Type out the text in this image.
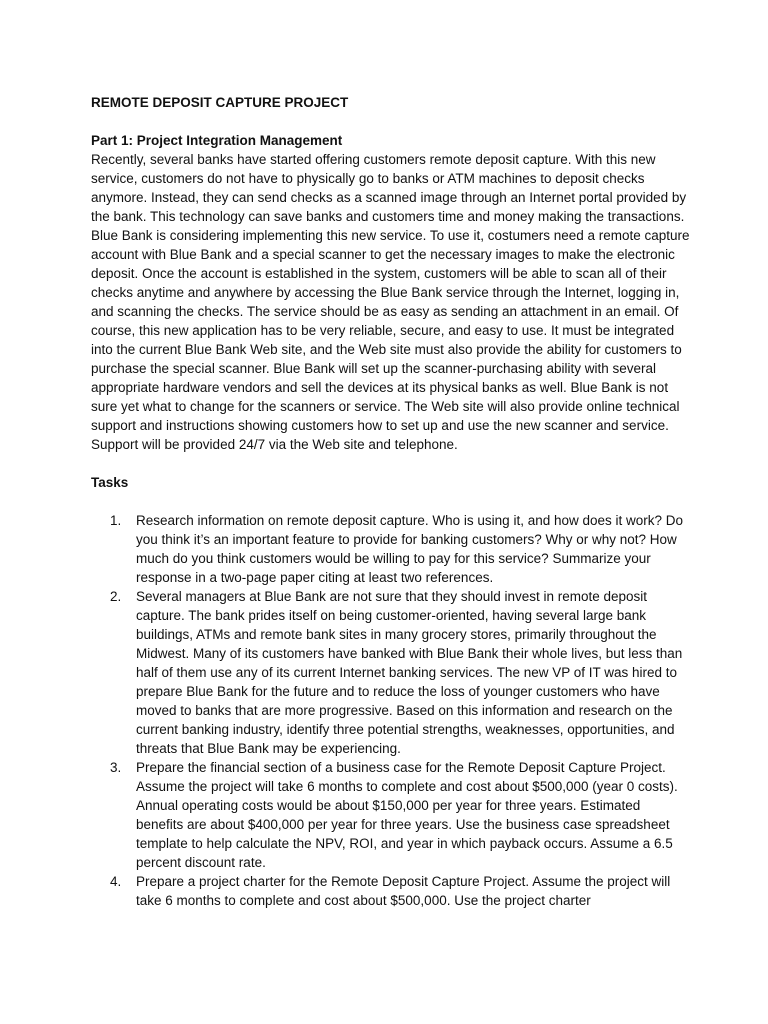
REMOTE DEPOSIT CAPTURE PROJECT
Part 1: Project Integration Management

Recently, several banks have started offering customers remote deposit capture. With this new service, customers do not have to physically go to banks or ATM machines to deposit checks anymore. Instead, they can send checks as a scanned image through an Internet portal provided by the bank. This technology can save banks and customers time and money making the transactions. Blue Bank is considering implementing this new service. To use it, costumers need a remote capture account with Blue Bank and a special scanner to get the necessary images to make the electronic deposit. Once the account is established in the system, customers will be able to scan all of their checks anytime and anywhere by accessing the Blue Bank service through the Internet, logging in, and scanning the checks. The service should be as easy as sending an attachment in an email. Of course, this new application has to be very reliable, secure, and easy to use. It must be integrated into the current Blue Bank Web site, and the Web site must also provide the ability for customers to purchase the special scanner. Blue Bank will set up the scanner-purchasing ability with several appropriate hardware vendors and sell the devices at its physical banks as well. Blue Bank is not sure yet what to change for the scanners or service. The Web site will also provide online technical support and instructions showing customers how to set up and use the new scanner and service. Support will be provided 24/7 via the Web site and telephone.

Tasks
1. Research information on remote deposit capture. Who is using it, and how does it work? Do you think it’s an important feature to provide for banking customers? Why or why not? How much do you think customers would be willing to pay for this service? Summarize your response in a two-page paper citing at least two references.
2. Several managers at Blue Bank are not sure that they should invest in remote deposit capture. The bank prides itself on being customer-oriented, having several large bank buildings, ATMs and remote bank sites in many grocery stores, primarily throughout the Midwest. Many of its customers have banked with Blue Bank their whole lives, but less than half of them use any of its current Internet banking services. The new VP of IT was hired to prepare Blue Bank for the future and to reduce the loss of younger customers who have moved to banks that are more progressive. Based on this information and research on the current banking industry, identify three potential strengths, weaknesses, opportunities, and threats that Blue Bank may be experiencing.
3. Prepare the financial section of a business case for the Remote Deposit Capture Project. Assume the project will take 6 months to complete and cost about $500,000 (year 0 costs). Annual operating costs would be about $150,000 per year for three years. Estimated benefits are about $400,000 per year for three years. Use the business case spreadsheet template to help calculate the NPV, ROI, and year in which payback occurs. Assume a 6.5 percent discount rate.
4. Prepare a project charter for the Remote Deposit Capture Project. Assume the project will take 6 months to complete and cost about $500,000. Use the project charter
